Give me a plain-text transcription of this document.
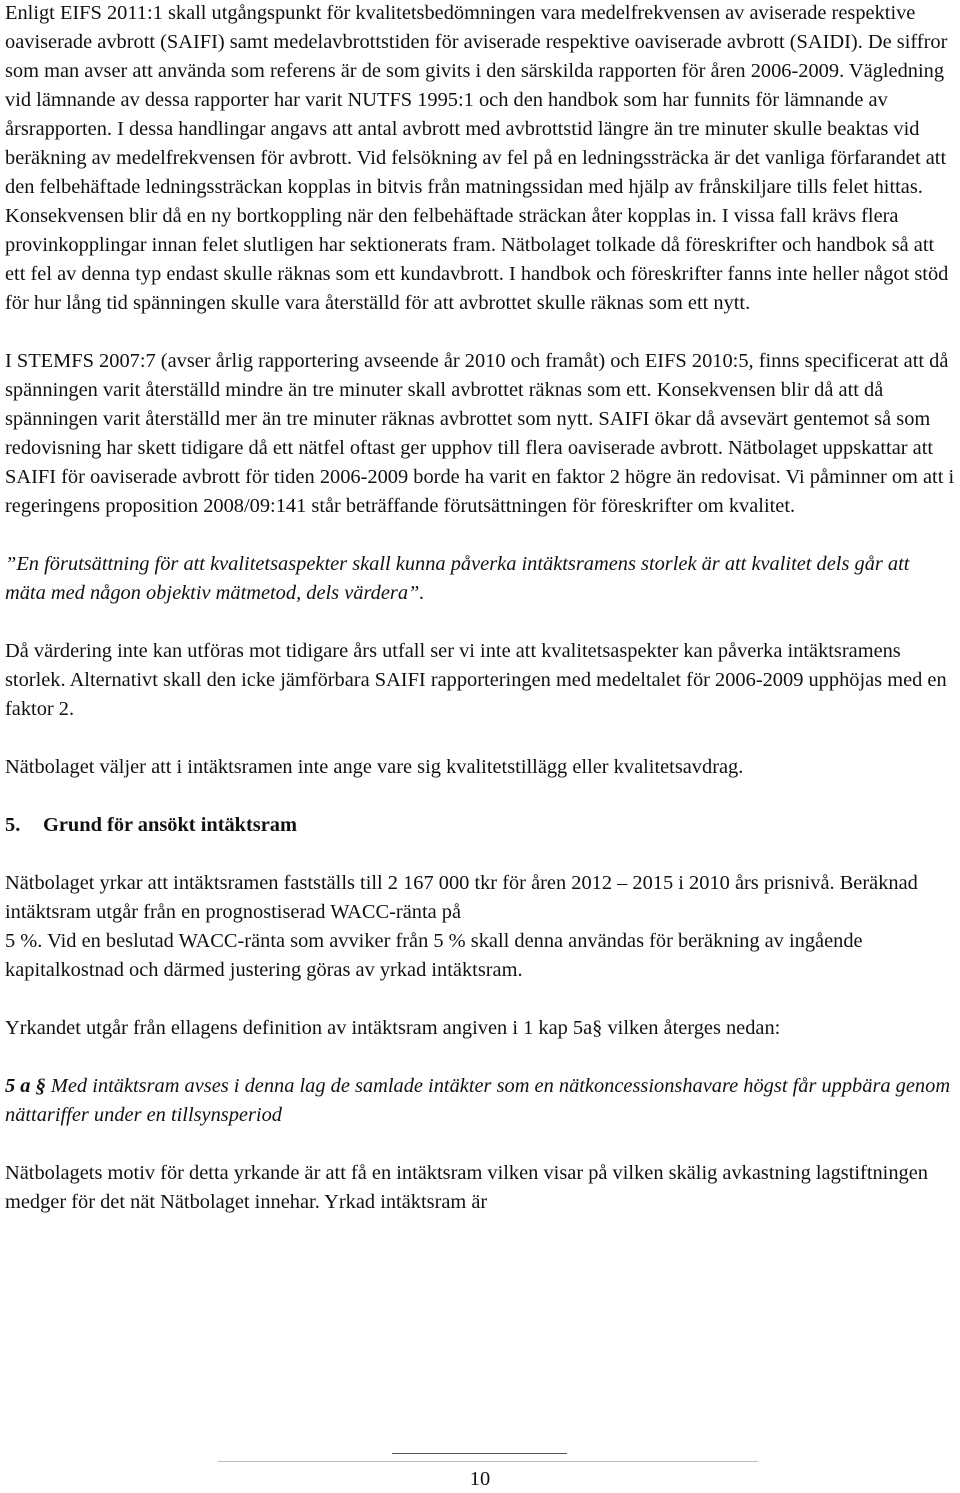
Enligt EIFS 2011:1 skall utgångspunkt för kvalitetsbedömningen vara medelfrekvensen av aviserade respektive oaviserade avbrott (SAIFI) samt medelavbrottstiden för aviserade respektive oaviserade avbrott (SAIDI). De siffror som man avser att använda som referens är de som givits i den särskilda rapporten för åren 2006-2009. Vägledning vid lämnande av dessa rapporter har varit NUTFS 1995:1 och den handbok som har funnits för lämnande av årsrapporten. I dessa handlingar angavs att antal avbrott med avbrottstid längre än tre minuter skulle beaktas vid beräkning av medelfrekvensen för avbrott. Vid felsökning av fel på en ledningssträcka är det vanliga förfarandet att den felbehäftade ledningssträckan kopplas in bitvis från matningssidan med hjälp av frånskiljare tills felet hittas. Konsekvensen blir då en ny bortkoppling när den felbehäftade sträckan åter kopplas in. I vissa fall krävs flera provinkopplingar innan felet slutligen har sektionerats fram. Nätbolaget tolkade då föreskrifter och handbok så att ett fel av denna typ endast skulle räknas som ett kundavbrott. I handbok och föreskrifter fanns inte heller något stöd för hur lång tid spänningen skulle vara återställd för att avbrottet skulle räknas som ett nytt.

I STEMFS 2007:7 (avser årlig rapportering avseende år 2010 och framåt) och EIFS 2010:5, finns specificerat att då spänningen varit återställd mindre än tre minuter skall avbrottet räknas som ett. Konsekvensen blir då att då spänningen varit återställd mer än tre minuter räknas avbrottet som nytt. SAIFI ökar då avsevärt gentemot så som redovisning har skett tidigare då ett nätfel oftast ger upphov till flera oaviserade avbrott. Nätbolaget uppskattar att SAIFI för oaviserade avbrott för tiden 2006-2009 borde ha varit en faktor 2 högre än redovisat. Vi påminner om att i regeringens proposition 2008/09:141 står beträffande förutsättningen för föreskrifter om kvalitet.

”En förutsättning för att kvalitetsaspekter skall kunna påverka intäktsramens storlek är att kvalitet dels går att mäta med någon objektiv mätmetod, dels värdera”.

Då värdering inte kan utföras mot tidigare års utfall ser vi inte att kvalitetsaspekter kan påverka intäktsramens storlek. Alternativt skall den icke jämförbara SAIFI rapporteringen med medeltalet för 2006-2009 upphöjas med en faktor 2.

Nätbolaget väljer att i intäktsramen inte ange vare sig kvalitetstillägg eller kvalitetsavdrag.

5. Grund för ansökt intäktsram

Nätbolaget yrkar att intäktsramen fastställs till 2 167 000 tkr för åren 2012 – 2015 i 2010 års prisnivå. Beräknad intäktsram utgår från en prognostiserad WACC-ränta på
5 %. Vid en beslutad WACC-ränta som avviker från 5 % skall denna användas för beräkning av ingående kapitalkostnad och därmed justering göras av yrkad intäktsram.

Yrkandet utgår från ellagens definition av intäktsram angiven i 1 kap 5a§ vilken återges nedan:

5 a § Med intäktsram avses i denna lag de samlade intäkter som en nätkoncessionshavare högst får uppbära genom nättariffer under en tillsynsperiod

Nätbolagets motiv för detta yrkande är att få en intäktsram vilken visar på vilken skälig avkastning lagstiftningen medger för det nät Nätbolaget innehar. Yrkad intäktsram är

10
